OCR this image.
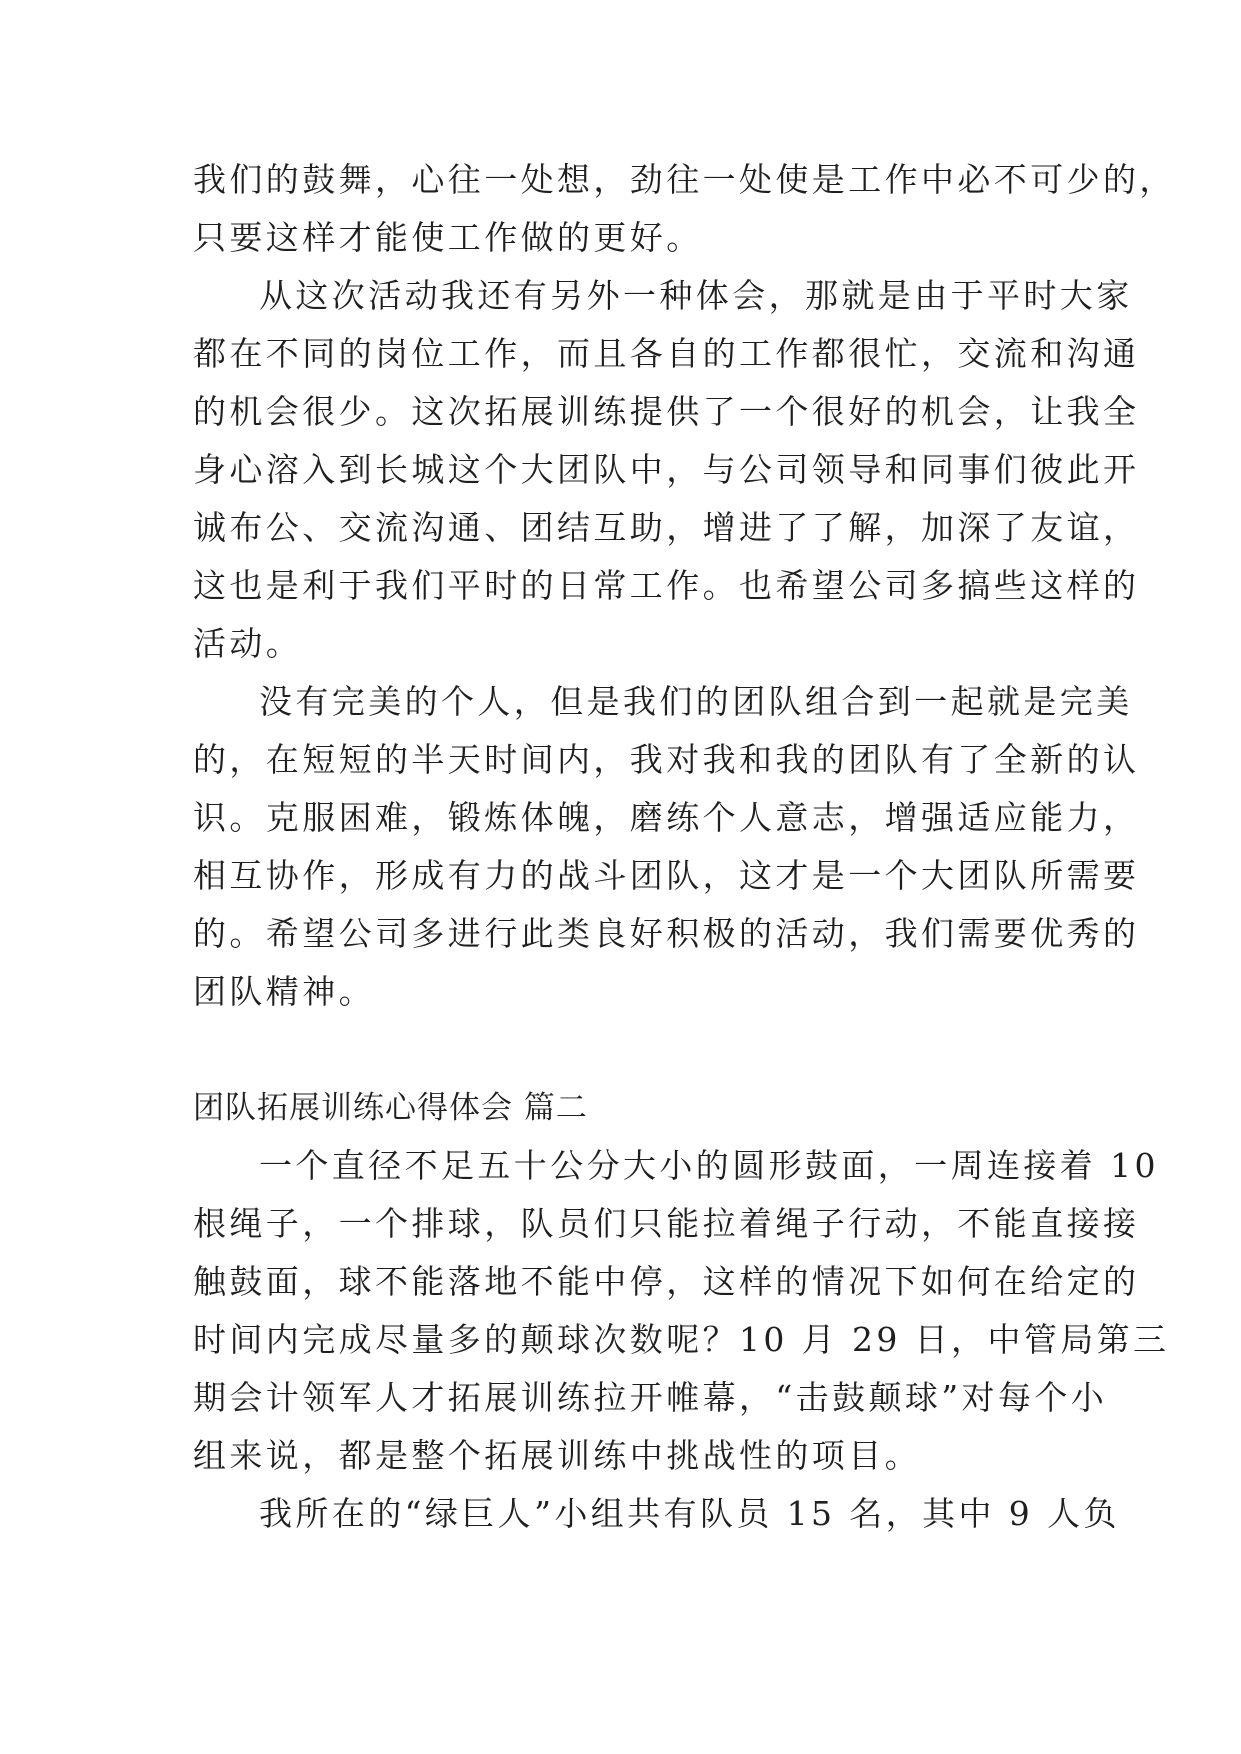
我们的鼓舞，心往一处想，劲往一处使是工作中必不可少的，
只要这样才能使工作做的更好。
从这次活动我还有另外一种体会，那就是由于平时大家
都在不同的岗位工作，而且各自的工作都很忙，交流和沟通
的机会很少。这次拓展训练提供了一个很好的机会，让我全
身心溶入到长城这个大团队中，与公司领导和同事们彼此开
诚布公、交流沟通、团结互助，增进了了解，加深了友谊，
这也是利于我们平时的日常工作。也希望公司多搞些这样的
活动。
没有完美的个人，但是我们的团队组合到一起就是完美
的，在短短的半天时间内，我对我和我的团队有了全新的认
识。克服困难，锻炼体魄，磨练个人意志，增强适应能力，
相互协作，形成有力的战斗团队，这才是一个大团队所需要
的。希望公司多进行此类良好积极的活动，我们需要优秀的
团队精神。
团队拓展训练心得体会 篇二
一个直径不足五十公分大小的圆形鼓面，一周连接着 10
根绳子，一个排球，队员们只能拉着绳子行动，不能直接接
触鼓面，球不能落地不能中停，这样的情况下如何在给定的
时间内完成尽量多的颠球次数呢？10 月 29 日，中管局第三
期会计领军人才拓展训练拉开帷幕，“击鼓颠球”对每个小
组来说，都是整个拓展训练中挑战性的项目。
我所在的“绿巨人”小组共有队员 15 名，其中 9 人负
